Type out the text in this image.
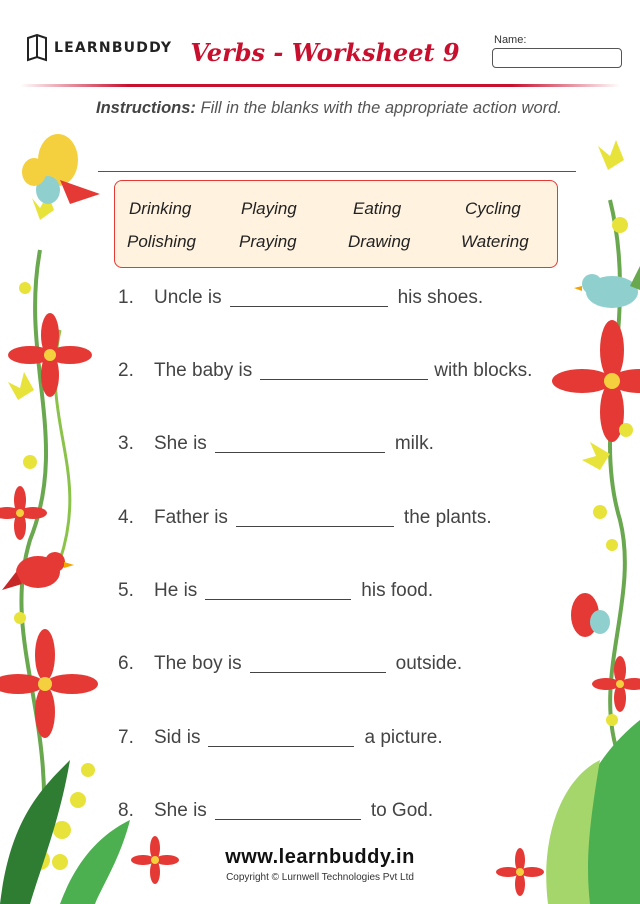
LEARNBUDDY Verbs - Worksheet 9	Name:
Instructions: Fill in the blanks with the appropriate action word.
Drinking	Playing	Eating	Cycling
Polishing	Praying	Drawing	Watering
1.	Uncle is	his shoes.
2.	The baby is	with blocks.
3.	She is	milk.
4.	Father is	the plants.
5.	He is	his food.
6.	The boy is	outside.
7.	Sid is	a picture.
8.	She is	to God.
www.learnbuddy.in
Copyright © Lurnwell Technologies Pvt Ltd
